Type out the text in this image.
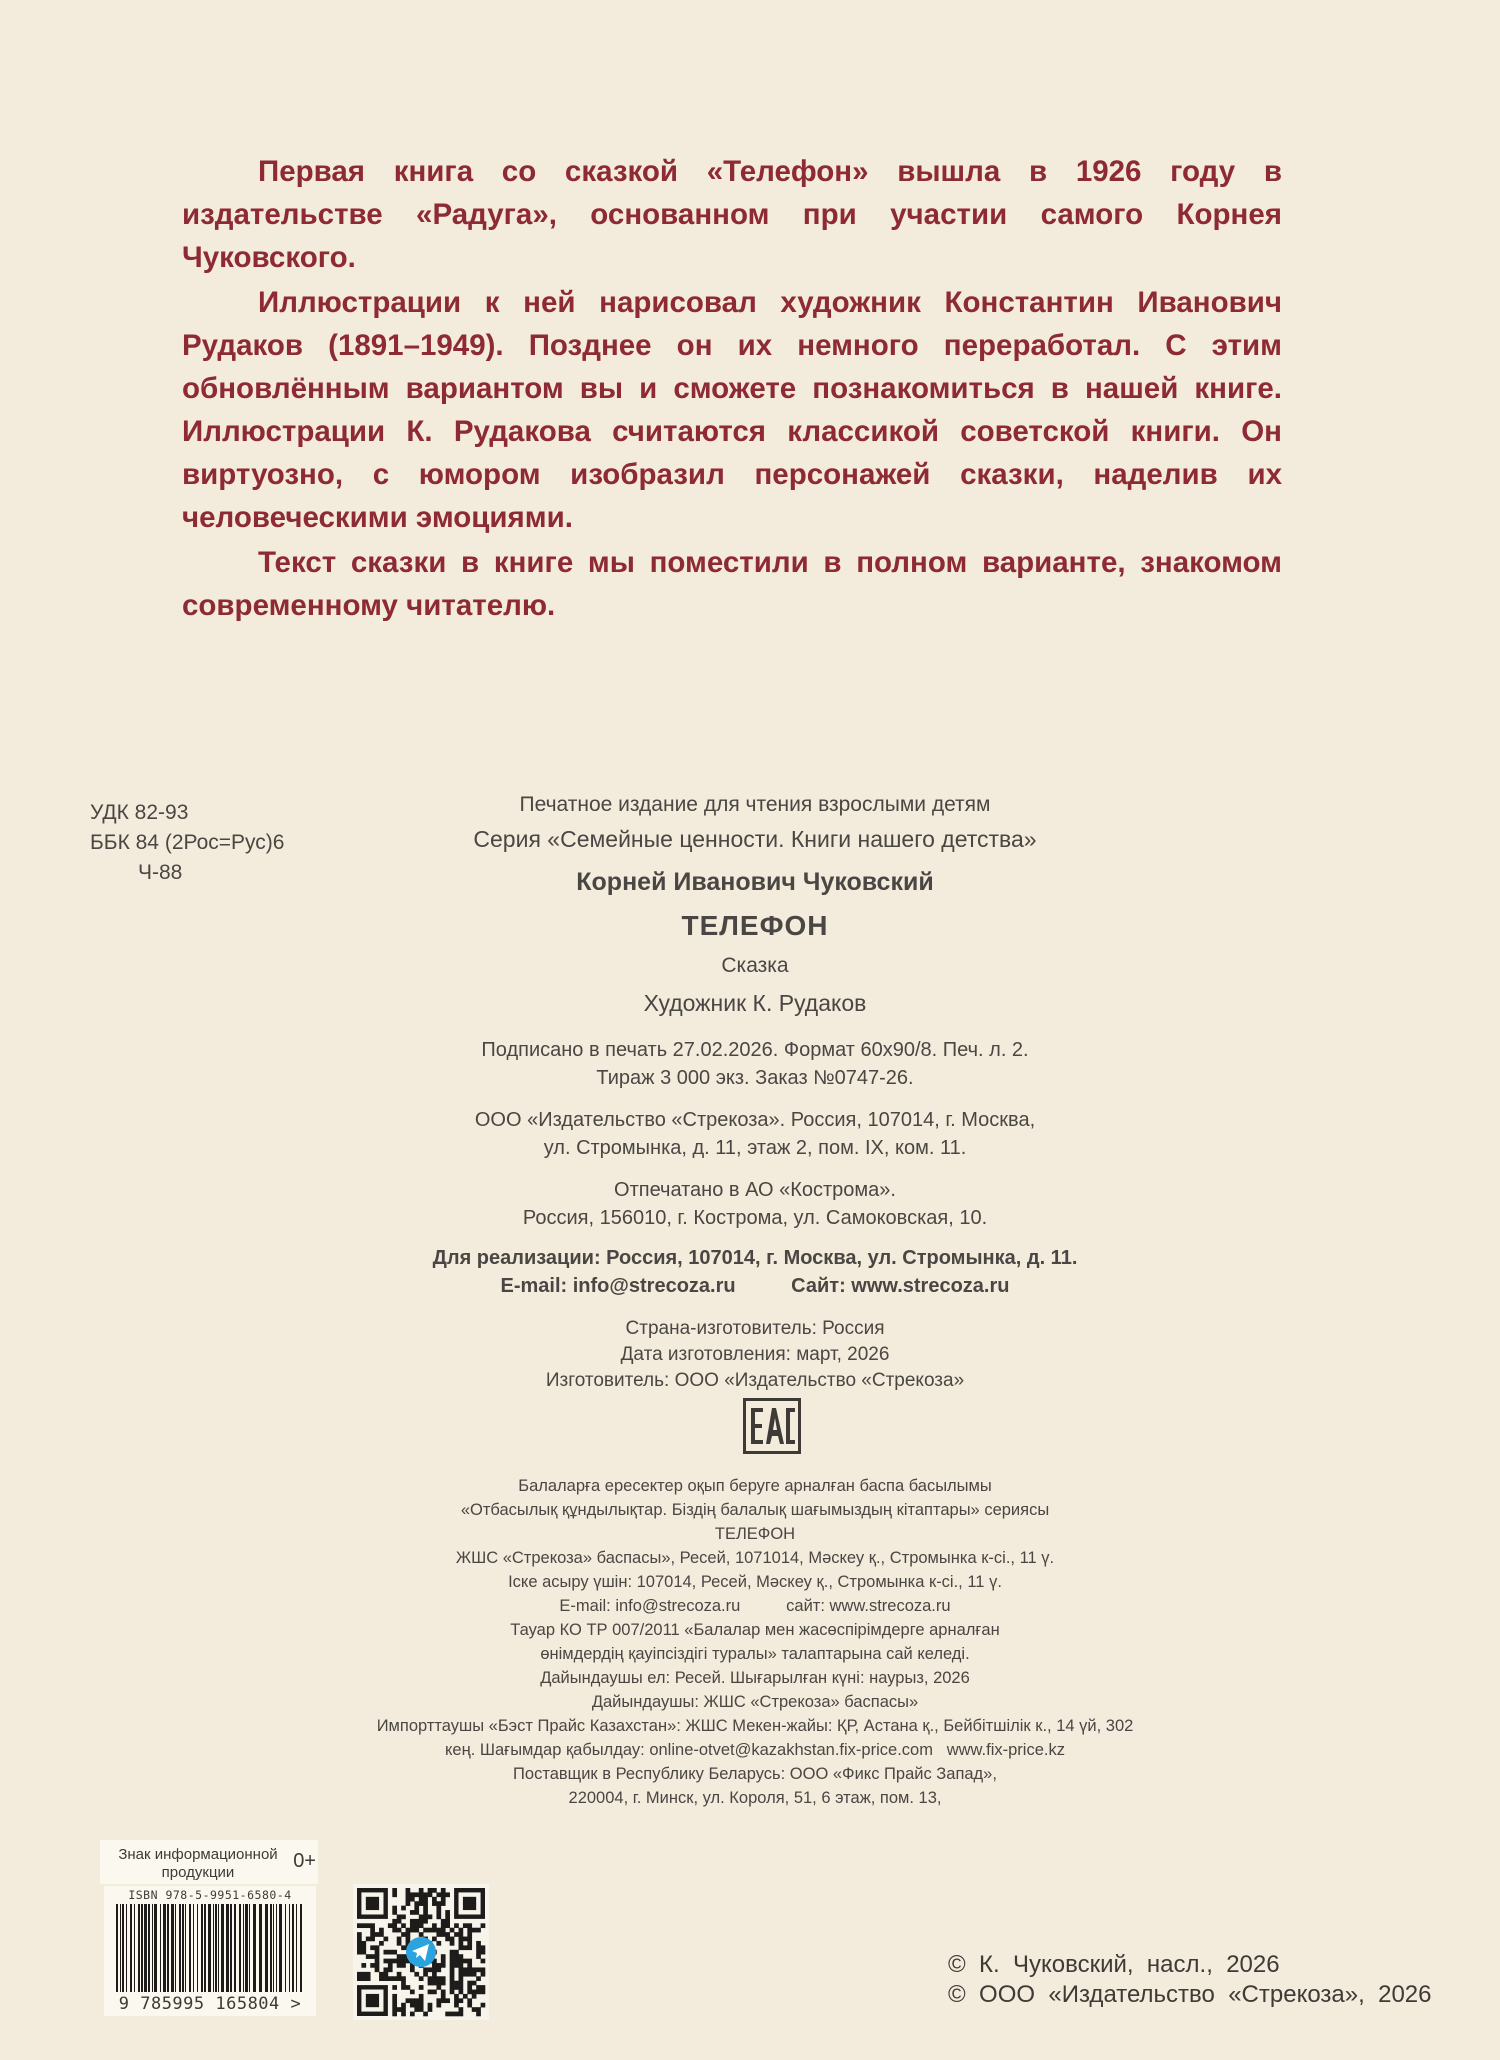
Первая книга со сказкой «Телефон» вышла в 1926 году в издательстве «Радуга», основанном при участии самого Корнея Чуковского.

Иллюстрации к ней нарисовал художник Константин Иванович Рудаков (1891–1949). Позднее он их немного переработал. С этим обновлённым вариантом вы и сможете познакомиться в нашей книге. Иллюстрации К. Рудакова считаются классикой советской книги. Он виртуозно, с юмором изобразил персонажей сказки, наделив их человеческими эмоциями.

Текст сказки в книге мы поместили в полном варианте, знакомом современному читателю.

УДК 82-93
ББК 84 (2Рос=Рус)6
Ч-88
Печатное издание для чтения взрослыми детям
Серия «Семейные ценности. Книги нашего детства»
Корней Иванович Чуковский
ТЕЛЕФОН
Сказка
Художник К. Рудаков
Подписано в печать 27.02.2026. Формат 60x90/8. Печ. л. 2.
Тираж 3 000 экз. Заказ №0747-26.
ООО «Издательство «Стрекоза». Россия, 107014, г. Москва,
ул. Стромынка, д. 11, этаж 2, пом. IX, ком. 11.
Отпечатано в АО «Кострома».
Россия, 156010, г. Кострома, ул. Самоковская, 10.
Для реализации: Россия, 107014, г. Москва, ул. Стромынка, д. 11.
E-mail: info@strecoza.ru          Сайт: www.strecoza.ru
Страна-изготовитель: Россия
Дата изготовления: март, 2026
Изготовитель: ООО «Издательство «Стрекоза»
Балаларға ересектер оқып беруге арналған баспа басылымы
«Отбасылық құндылықтар. Біздің балалық шағымыздың кітаптары» сериясы
ТЕЛЕФОН
ЖШС «Стрекоза» баспасы», Ресей, 1071014, Мәскеу қ., Стромынка к-сі., 11 ү.
Іске асыру үшін: 107014, Ресей, Мәскеу қ., Стромынка к-сі., 11 ү.
E-mail: info@strecoza.ru          сайт: www.strecoza.ru
Тауар КО ТР 007/2011 «Балалар мен жасөспірімдерге арналған
өнімдердің қауіпсіздігі туралы» талаптарына сай келеді.
Дайындаушы ел: Ресей. Шығарылған күні: наурыз, 2026
Дайындаушы: ЖШС «Стрекоза» баспасы»
Импорттаушы «Бэст Прайс Казахстан»: ЖШС Мекен-жайы: ҚР, Астана қ., Бейбітшілік к., 14 үй, 302
кең. Шағымдар қабылдау: online-otvet@kazakhstan.fix-price.com   www.fix-price.kz
Поставщик в Республику Беларусь: ООО «Фикс Прайс Запад»,
220004, г. Минск, ул. Короля, 51, 6 этаж, пом. 13,
Знак информационной продукции
0+
ISBN 978-5-9951-6580-4
9 785995 165804 >
©  К.  Чуковский,  насл.,  2026
©  ООО  «Издательство  «Стрекоза»,  2026
